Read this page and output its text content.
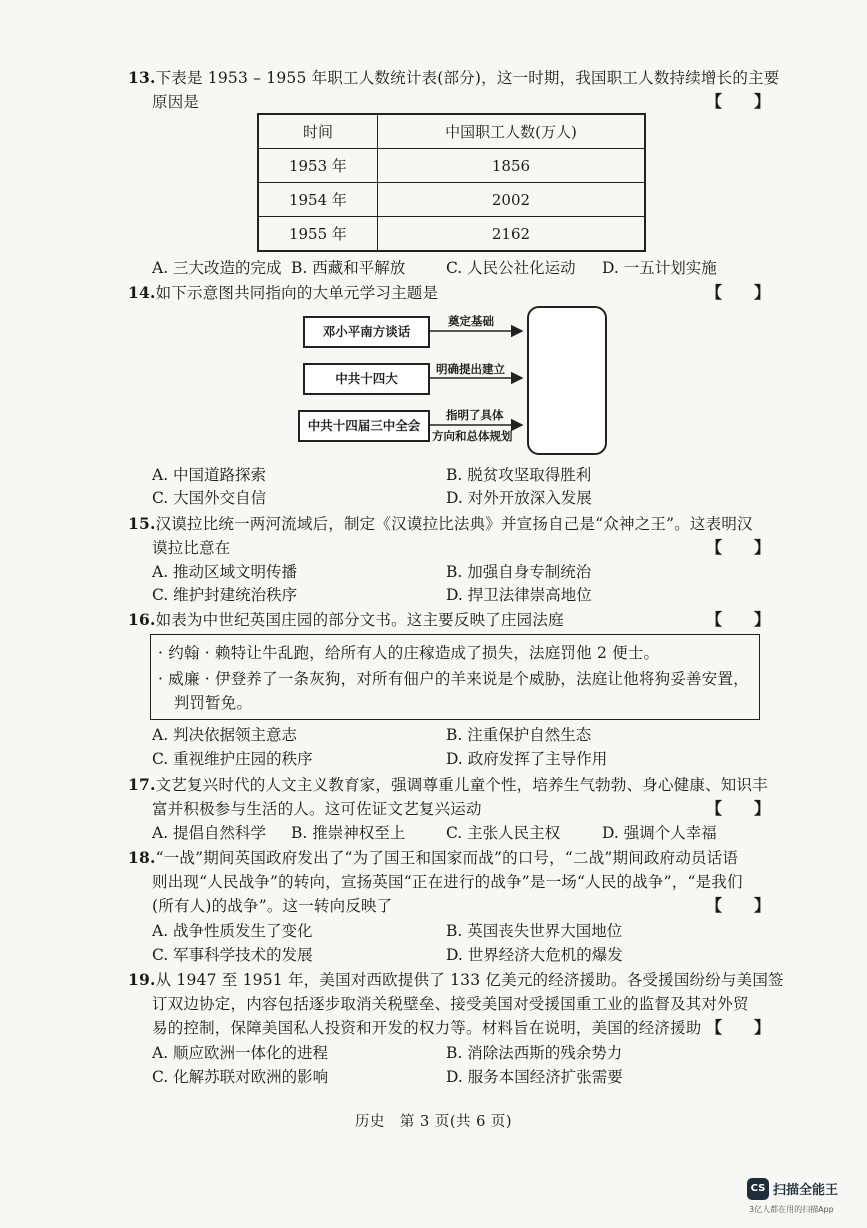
13.下表是 1953 – 1955 年职工人数统计表(部分)，这一时期，我国职工人数持续增长的主要
原因是	【　　】
时间	中国职工人数(万人)
1953 年	1856
1954 年	2002
1955 年	2162
A. 三大改造的完成 B. 西藏和平解放	C. 人民公社化运动 D. 一五计划实施
14.如下示意图共同指向的大单元学习主题是	【　　】
邓小平南方谈话
中共十四大
中共十四届三中全会
奠定基础
明确提出建立
指明了具体
方向和总体规划
A. 中国道路探索	B. 脱贫攻坚取得胜利
C. 大国外交自信	D. 对外开放深入发展
15.汉谟拉比统一两河流域后，制定《汉谟拉比法典》并宣扬自己是“众神之王”。这表明汉
谟拉比意在	【　　】
A. 推动区域文明传播	B. 加强自身专制统治
C. 维护封建统治秩序	D. 捍卫法律崇高地位
16.如表为中世纪英国庄园的部分文书。这主要反映了庄园法庭	【　　】
· 约翰 · 赖特让牛乱跑，给所有人的庄稼造成了损失，法庭罚他 2 便士。
· 威廉 · 伊登养了一条灰狗，对所有佃户的羊来说是个威胁，法庭让他将狗妥善安置，
　判罚暂免。
A. 判决依据领主意志	B. 注重保护自然生态
C. 重视维护庄园的秩序	D. 政府发挥了主导作用
17.文艺复兴时代的人文主义教育家，强调尊重儿童个性，培养生气勃勃、身心健康、知识丰
富并积极参与生活的人。这可佐证文艺复兴运动	【　　】
A. 提倡自然科学 B. 推崇神权至上	C. 主张人民主权	D. 强调个人幸福
18.“一战”期间英国政府发出了“为了国王和国家而战”的口号，“二战”期间政府动员话语
则出现“人民战争”的转向，宣扬英国“正在进行的战争”是一场“人民的战争”，“是我们
(所有人)的战争”。这一转向反映了	【　　】
A. 战争性质发生了变化	B. 英国丧失世界大国地位
C. 军事科学技术的发展	D. 世界经济大危机的爆发
19.从 1947 至 1951 年，美国对西欧提供了 133 亿美元的经济援助。各受援国纷纷与美国签
订双边协定，内容包括逐步取消关税壁垒、接受美国对受援国重工业的监督及其对外贸
易的控制，保障美国私人投资和开发的权力等。材料旨在说明，美国的经济援助 【　　】
A. 顺应欧洲一体化的进程	B. 消除法西斯的残余势力
C. 化解苏联对欧洲的影响	D. 服务本国经济扩张需要
历史　第 3 页(共 6 页)
CS 扫描全能王
3亿人都在用的扫描App
